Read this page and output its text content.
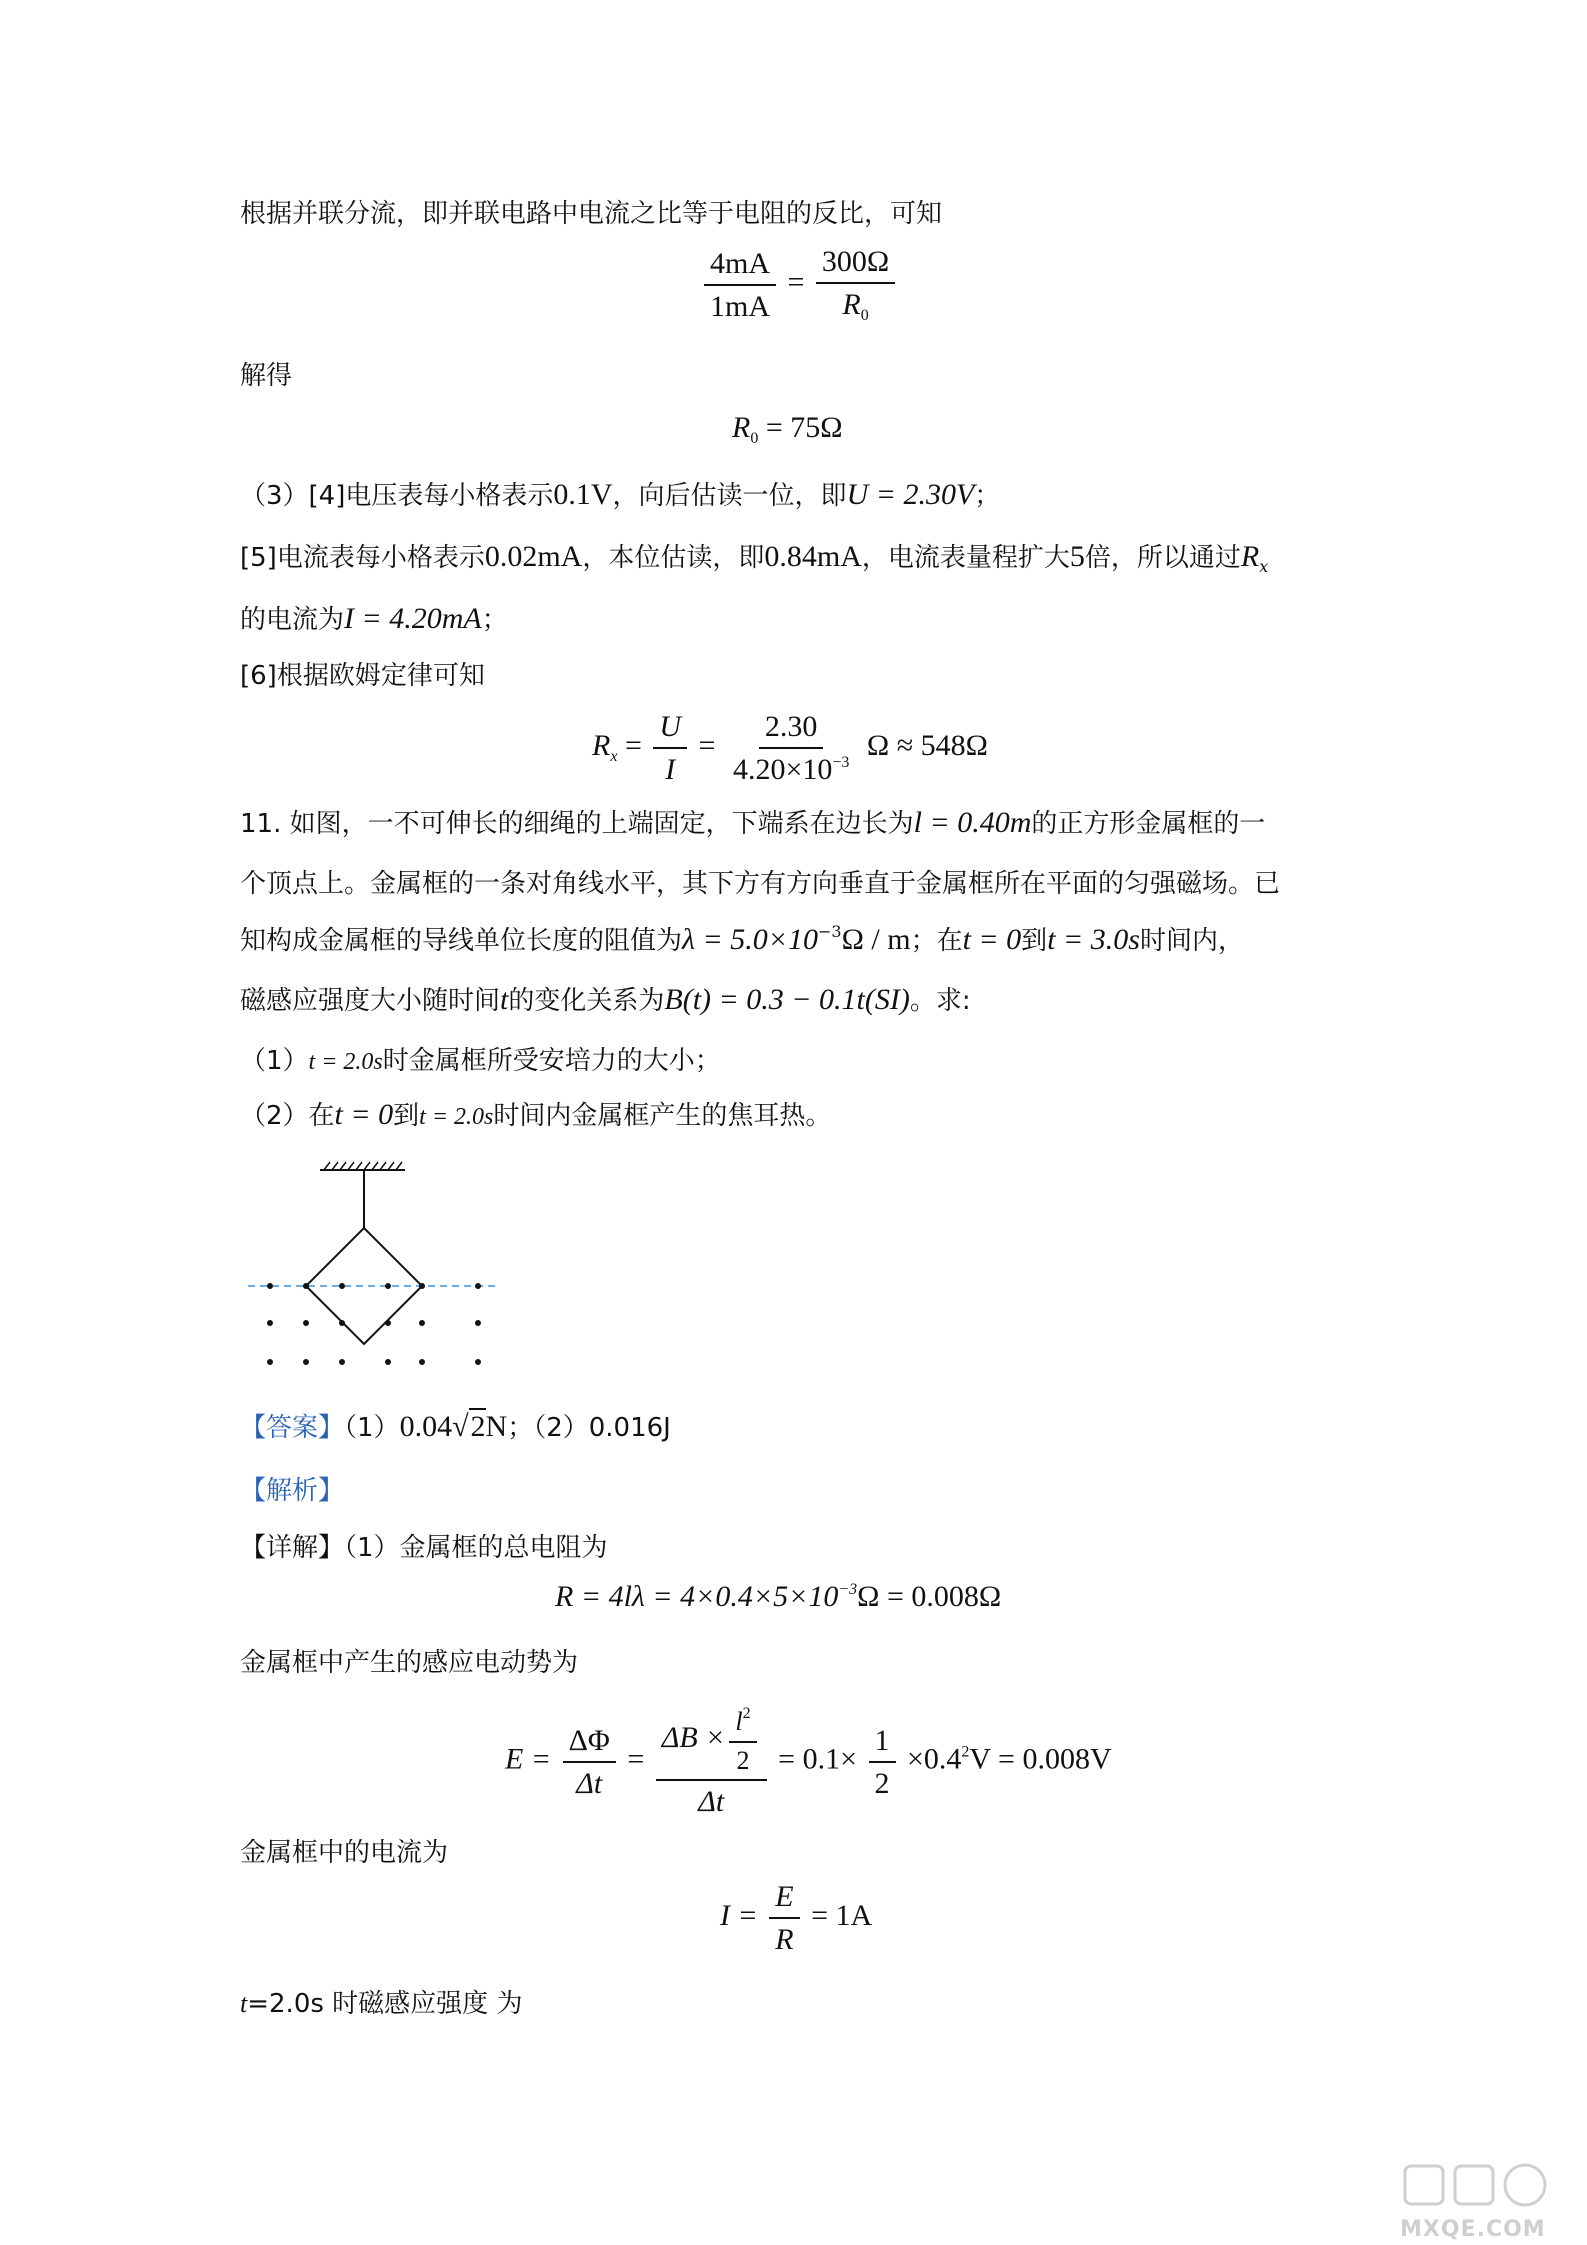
根据并联分流，即并联电路中电流之比等于电阻的反比，可知
$\frac{4mA}{1mA} = \frac{300\Omega}{R_0}$
解得
$R_0 = 75\Omega$
（3）[4]电压表每小格表示0.1V，向后估读一位，即U = 2.30V；
[5]电流表每小格表示0.02mA，本位估读，即0.84mA，电流表量程扩大5倍，所以通过$R_x$
的电流为I = 4.20mA；
[6]根据欧姆定律可知
$R_x = \frac{U}{I} = \frac{2.30}{4.20\times 10^{-3}}$ Ω ≈ 548Ω
11. 如图，一不可伸长的细绳的上端固定，下端系在边长为l = 0.40m的正方形金属框的一
个顶点上。金属框的一条对角线水平，其下方有方向垂直于金属框所在平面的匀强磁场。已
知构成金属框的导线单位长度的阻值为$\lambda = 5.0\times 10^{-3}\Omega / m$；在t = 0到t = 3.0s时间内，
磁感应强度大小随时间t的变化关系为B(t) = 0.3 − 0.1t(SI)。求:
（1）t = 2.0s时金属框所受安培力的大小；
（2）在t = 0到t = 2.0s时间内金属框产生的焦耳热。
【答案】（1）0.04√2N；（2）0.016J
【解析】
【详解】（1）金属框的总电阻为
$R = 4l\lambda = 4\times 0.4\times 5\times 10^{-3}\Omega = 0.008\Omega$
金属框中产生的感应电动势为
$E = \frac{\Delta\Phi}{\Delta t} = \frac{\Delta B \times \frac{l^2}{2}}{\Delta t} = 0.1\times \frac{1}{2} \times 0.4^2V = 0.008V$
金属框中的电流为
$I = \frac{E}{R} = 1A$
t=2.0s 时磁感应强度 为
MXQE.COM
